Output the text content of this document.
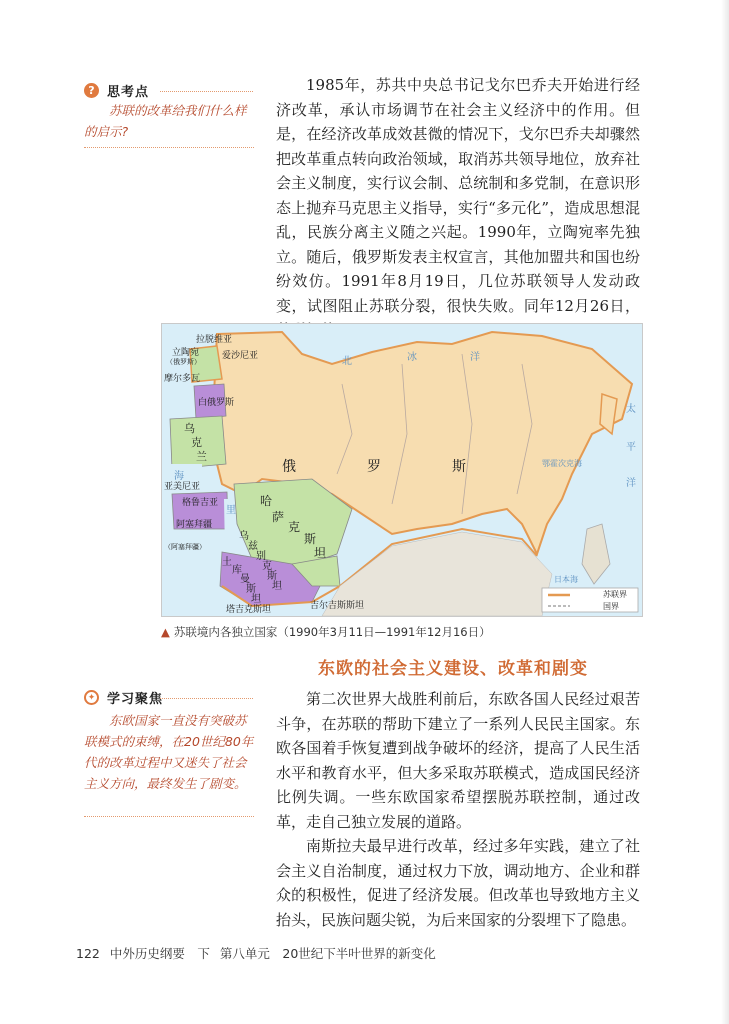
? 思考点
苏联的改革给我们什么样的启示?

1985年，苏共中央总书记戈尔巴乔夫开始进行经济改革，承认市场调节在社会主义经济中的作用。但是，在经济改革成效甚微的情况下，戈尔巴乔夫却骤然把改革重点转向政治领域，取消苏共领导地位，放弃社会主义制度，实行议会制、总统制和多党制，在意识形态上抛弃马克思主义指导，实行“多元化”，造成思想混乱，民族分离主义随之兴起。1990年，立陶宛率先独立。随后，俄罗斯发表主权宣言，其他加盟共和国也纷纷效仿。1991年8月19日，几位苏联领导人发动政变，试图阻止苏联分裂，很快失败。同年12月26日，

拉脱维亚
立陶宛	爱沙尼亚
（俄罗斯）
摩尔多瓦
白俄罗斯
乌
克
兰
海
亚美尼亚
格鲁吉亚
阿塞拜疆
里
（阿塞拜疆）
俄	罗	斯
哈
萨
克
斯
坦
乌
兹
别
克
斯
坦
土
库
曼
斯
坦
塔吉克斯坦	吉尔吉斯斯坦
北	冰	洋
太
平
洋
鄂霍次克海
日本海
苏联界
国界
▲ 苏联境内各独立国家（1990年3月11日—1991年12月16日）
东欧的社会主义建设、改革和剧变
✦ 学习聚焦
东欧国家一直没有突破苏联模式的束缚，在20世纪80年代的改革过程中又迷失了社会主义方向，最终发生了剧变。

第二次世界大战胜利前后，东欧各国人民经过艰苦斗争，在苏联的帮助下建立了一系列人民民主国家。东欧各国着手恢复遭到战争破坏的经济，提高了人民生活水平和教育水平，但大多采取苏联模式，造成国民经济比例失调。一些东欧国家希望摆脱苏联控制，通过改革，走自己独立发展的道路。

南斯拉夫最早进行改革，经过多年实践，建立了社会主义自治制度，通过权力下放，调动地方、企业和群众的积极性，促进了经济发展。但改革也导致地方主义抬头，民族问题尖锐，为后来国家的分裂埋下了隐患。

122 中外历史纲要　下 第八单元　20世纪下半叶世界的新变化
